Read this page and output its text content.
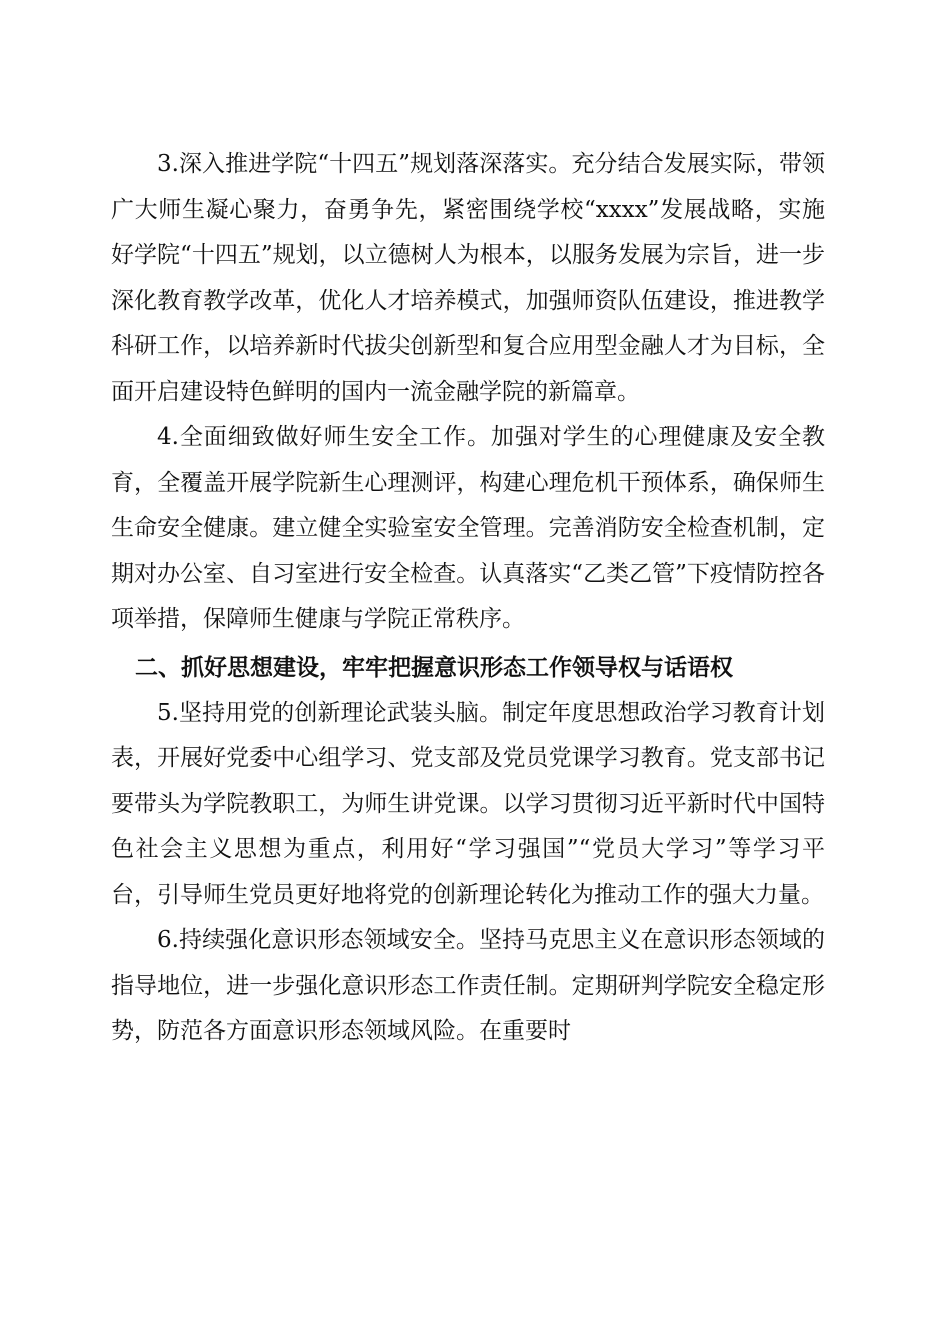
3.深入推进学院“十四五”规划落深落实。充分结合发展实际，带领广大师生凝心聚力，奋勇争先，紧密围绕学校“xxxx”发展战略，实施好学院“十四五”规划，以立德树人为根本，以服务发展为宗旨，进一步深化教育教学改革，优化人才培养模式，加强师资队伍建设，推进教学科研工作，以培养新时代拔尖创新型和复合应用型金融人才为目标，全面开启建设特色鲜明的国内一流金融学院的新篇章。

4.全面细致做好师生安全工作。加强对学生的心理健康及安全教育，全覆盖开展学院新生心理测评，构建心理危机干预体系，确保师生生命安全健康。建立健全实验室安全管理。完善消防安全检查机制，定期对办公室、自习室进行安全检查。认真落实“乙类乙管”下疫情防控各项举措，保障师生健康与学院正常秩序。

二、抓好思想建设，牢牢把握意识形态工作领导权与话语权

5.坚持用党的创新理论武装头脑。制定年度思想政治学习教育计划表，开展好党委中心组学习、党支部及党员党课学习教育。党支部书记要带头为学院教职工，为师生讲党课。以学习贯彻习近平新时代中国特色社会主义思想为重点，利用好“学习强国”“党员大学习”等学习平台，引导师生党员更好地将党的创新理论转化为推动工作的强大力量。

6.持续强化意识形态领域安全。坚持马克思主义在意识形态领域的指导地位，进一步强化意识形态工作责任制。定期研判学院安全稳定形势，防范各方面意识形态领域风险。在重要时
